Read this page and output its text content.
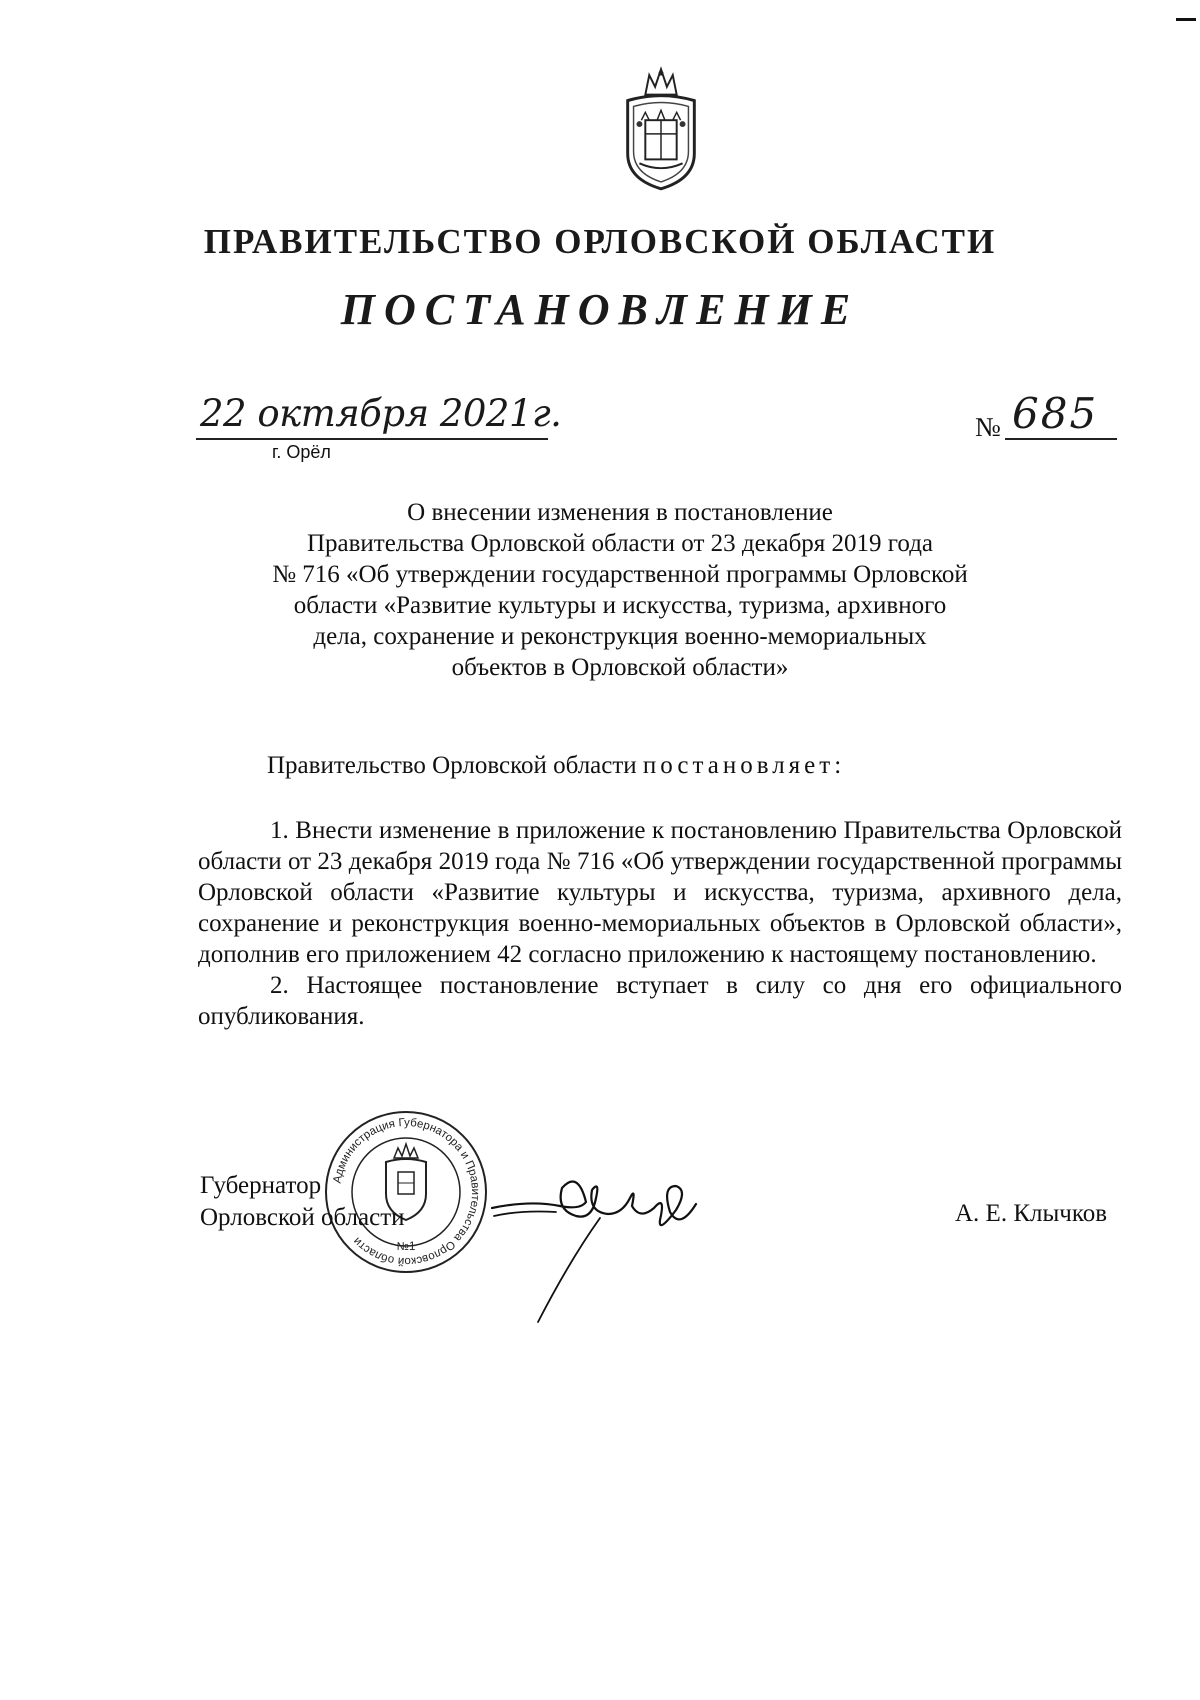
ПРАВИТЕЛЬСТВО ОРЛОВСКОЙ ОБЛАСТИ
ПОСТАНОВЛЕНИЕ
22 октября 2021г.
г. Орёл
№ 685
О внесении изменения в постановление
Правительства Орловской области от 23 декабря 2019 года
№ 716 «Об утверждении государственной программы Орловской
области «Развитие культуры и искусства, туризма, архивного
дела, сохранение и реконструкция военно-мемориальных
объектов в Орловской области»
Правительство Орловской области постановляет:

1. Внести изменение в приложение к постановлению Правительства Орловской области от 23 декабря 2019 года № 716 «Об утверждении государственной программы Орловской области «Развитие культуры и искусства, туризма, архивного дела, сохранение и реконструкция военно-мемориальных объектов в Орловской области», дополнив его приложением 42 согласно приложению к настоящему постановлению.

2. Настоящее постановление вступает в силу со дня его официального опубликования.

Администрация Губернатора и Правительства Орловской области	№1
Губернатор
Орловской области	А. Е. Клычков
